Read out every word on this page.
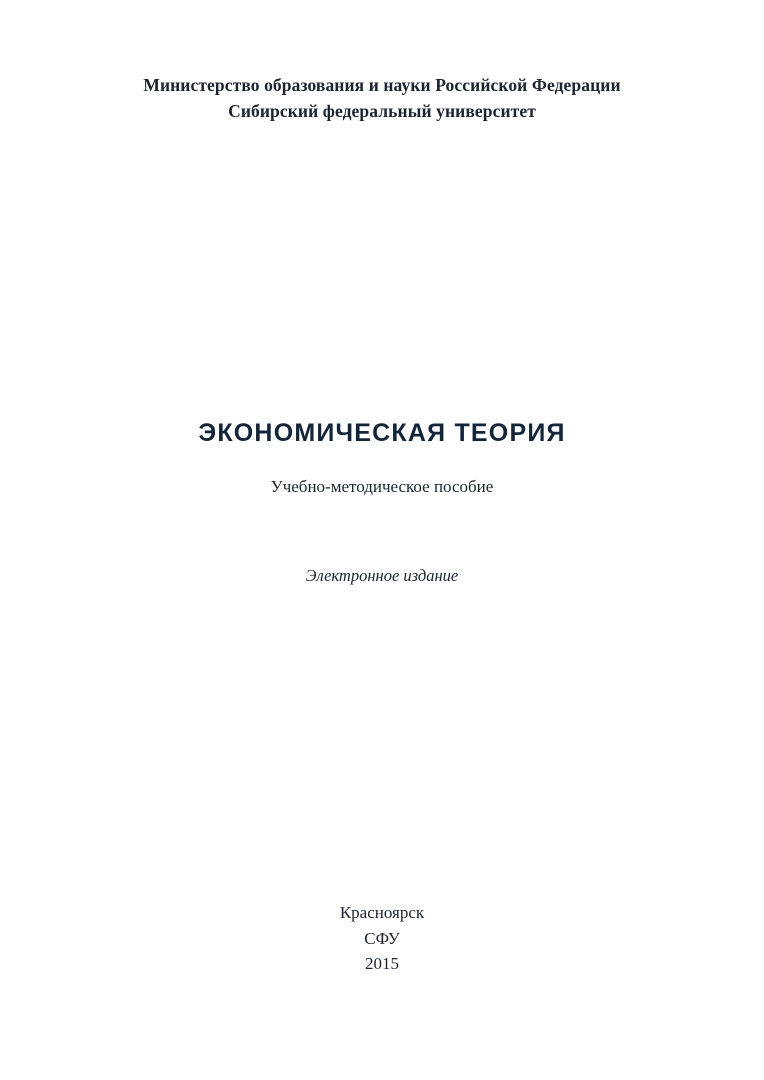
Министерство образования и науки Российской Федерации
Сибирский федеральный университет
ЭКОНОМИЧЕСКАЯ ТЕОРИЯ
Учебно-методическое пособие
Электронное издание
Красноярск
СФУ
2015
